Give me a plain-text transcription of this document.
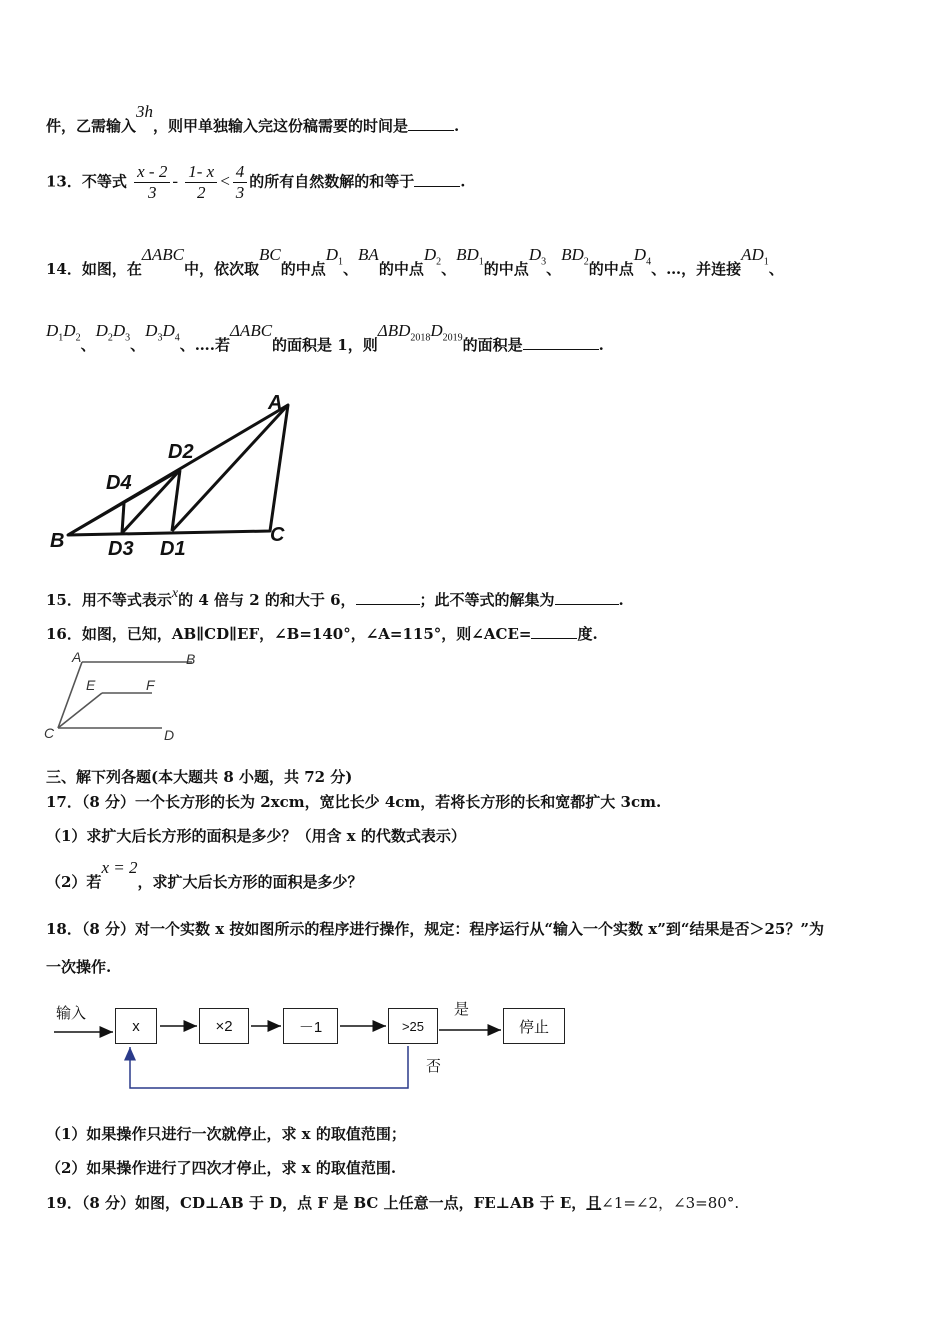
件，乙需输入3h，则甲单独输入完这份稿需要的时间是	.
13．不等式 $\frac{x - 2}{3} - \frac{1- x}{2} < \frac{4}{3}$ 的所有自然数解的和等于	.
14．如图，在ΔABC中，依次取BC的中点$D_1$、BA的中点$D_2$、$BD_1$的中点$D_3$、$BD_2$的中点$D_4$、…，并连接$AD_1$、
$D_1D_2$、$D_2D_3$、$D_3D_4$、….若ΔABC的面积是 1，则$\Delta BD_{2018}D_{2019}$的面积是	.
A
D2
D4
B D3 D1
C
15．用不等式表示x的 4 倍与 2 的和大于 6，	；此不等式的解集为	.
16．如图，已知，AB∥CD∥EF，∠B=140°，∠A=115°，则∠ACE=	度.
A	B
E	F
C	D
三、解下列各题(本大题共 8 小题，共 72 分)
17．（8 分）一个长方形的长为 2xcm，宽比长少 4cm，若将长方形的长和宽都扩大 3cm.
（1）求扩大后长方形的面积是多少？（用含 x 的代数式表示）
（2）若x = 2，求扩大后长方形的面积是多少？
18．（8 分）对一个实数 x 按如图所示的程序进行操作，规定：程序运行从“输入一个实数 x”到“结果是否＞25？”为
一次操作.
输入
x	×2	－1	>25
是
否
停止
（1）如果操作只进行一次就停止，求 x 的取值范围；
（2）如果操作进行了四次才停止，求 x 的取值范围.
19．（8 分）如图，CD⊥AB 于 D，点 F 是 BC 上任意一点，FE⊥AB 于 E，且∠1=∠2，∠3=80°.
